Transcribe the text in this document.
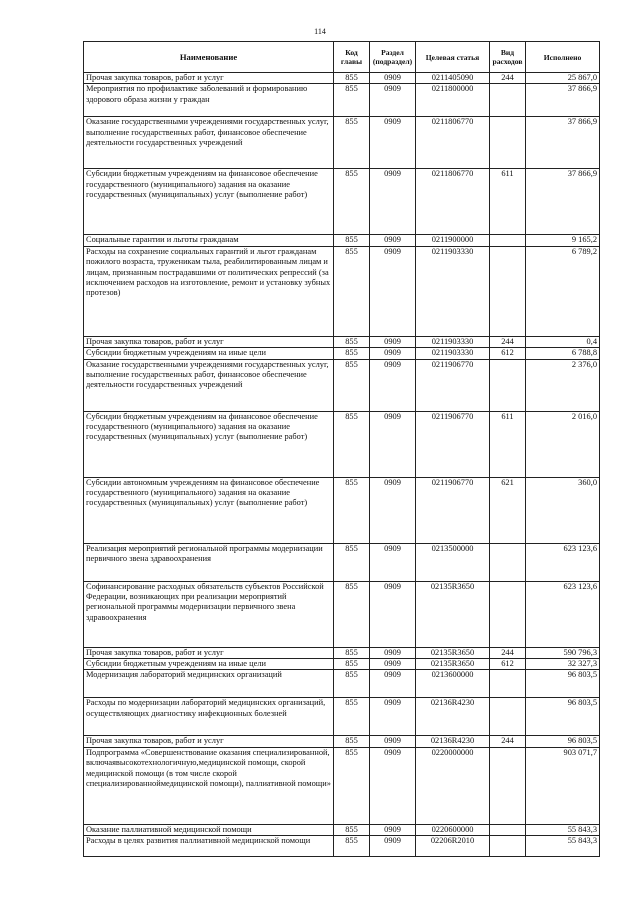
114
Наименование	Код главы	Раздел (подраздел)	Целевая статья	Вид расходов	Исполнено
Прочая закупка товаров, работ и услуг	855	0909	0211405090	244	25 867,0
Мероприятия по профилактике заболеваний и формированию здорового образа жизни у граждан	855	0909	0211800000		37 866,9
Оказание государственными учреждениями государственных услуг, выполнение государственных работ, финансовое обеспечение деятельности государственных учреждений	855	0909	0211806770		37 866,9
Субсидии бюджетным учреждениям на финансовое обеспечение государственного (муниципального) задания на оказание государственных (муниципальных) услуг (выполнение работ)	855	0909	0211806770	611	37 866,9
Социальные гарантии и льготы гражданам	855	0909	0211900000		9 165,2
Расходы на сохранение социальных гарантий и льгот гражданам пожилого возраста, труженикам тыла, реабилитированным лицам и лицам, признанным пострадавшими от политических репрессий (за исключением расходов на изготовление, ремонт и установку зубных протезов)	855	0909	0211903330		6 789,2
Прочая закупка товаров, работ и услуг	855	0909	0211903330	244	0,4
Субсидии бюджетным учреждениям на иные цели	855	0909	0211903330	612	6 788,8
Оказание государственными учреждениями государственных услуг, выполнение государственных работ, финансовое обеспечение деятельности государственных учреждений	855	0909	0211906770		2 376,0
Субсидии бюджетным учреждениям на финансовое обеспечение государственного (муниципального) задания на оказание государственных (муниципальных) услуг (выполнение работ)	855	0909	0211906770	611	2 016,0
Субсидии автономным учреждениям на финансовое обеспечение государственного (муниципального) задания на оказание государственных (муниципальных) услуг (выполнение работ)	855	0909	0211906770	621	360,0
Реализация мероприятий региональной программы модернизации первичного звена здравоохранения	855	0909	0213500000		623 123,6
Софинансирование расходных обязательств субъектов Российской Федерации, возникающих при реализации мероприятий региональной программы модернизации первичного звена здравоохранения	855	0909	02135R3650		623 123,6
Прочая закупка товаров, работ и услуг	855	0909	02135R3650	244	590 796,3
Субсидии бюджетным учреждениям на иные цели	855	0909	02135R3650	612	32 327,3
Модернизация лабораторий медицинских организаций	855	0909	0213600000		96 803,5
Расходы по модернизации лабораторий медицинских организаций, осуществляющих диагностику инфекционных болезней	855	0909	02136R4230		96 803,5
Прочая закупка товаров, работ и услуг	855	0909	02136R4230	244	96 803,5
Подпрограмма «Совершенствование оказания специализированной, включаявысокотехнологичную,медицинской помощи, скорой медицинской помощи (в том числе скорой специализированноймедицинской помощи), паллиативной помощи»	855	0909	0220000000		903 071,7
Оказание паллиативной медицинской помощи	855	0909	0220600000		55 843,3
Расходы в целях развития паллиативной медицинской помощи	855	0909	02206R2010		55 843,3
